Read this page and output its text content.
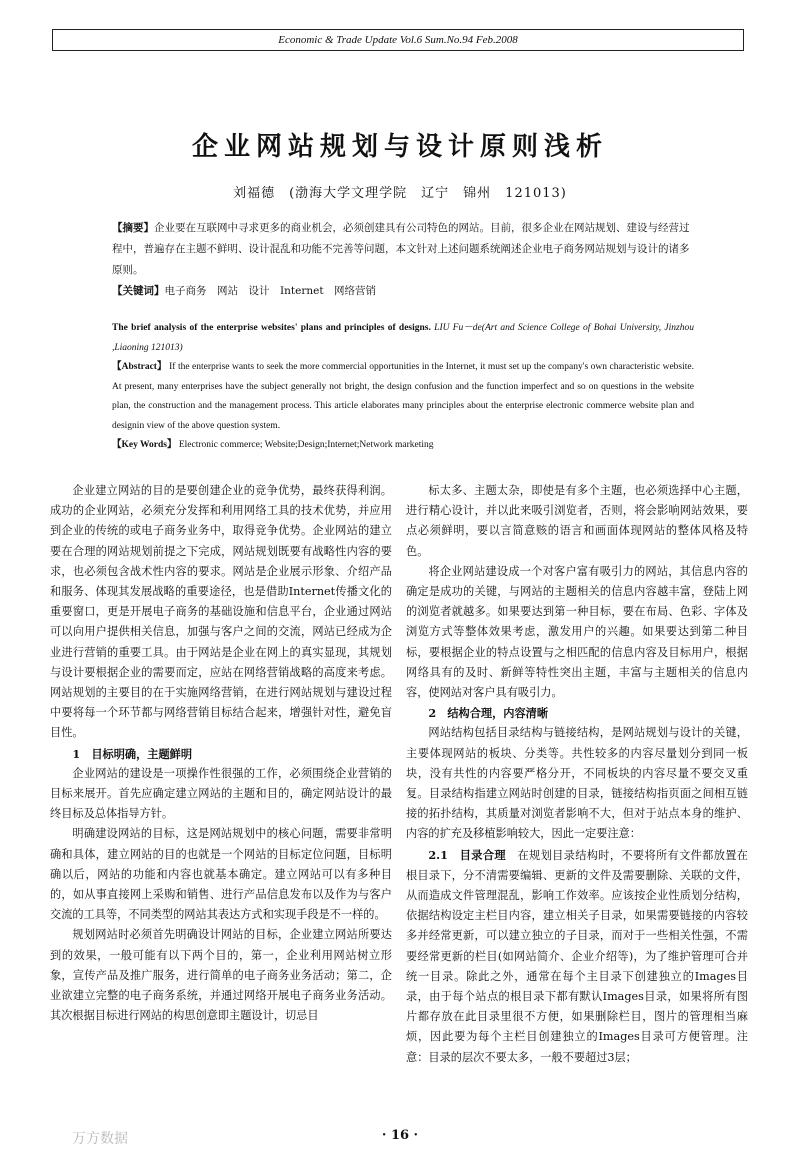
Economic & Trade Update Vol.6 Sum.No.94 Feb.2008
企业网站规划与设计原则浅析
刘福德　(渤海大学文理学院　辽宁　锦州　121013)
【摘要】企业要在互联网中寻求更多的商业机会，必须创建具有公司特色的网站。目前，很多企业在网站规划、建设与经营过程中，普遍存在主题不鲜明、设计混乱和功能不完善等问题，本文针对上述问题系统阐述企业电子商务网站规划与设计的诸多原则。
【关键词】电子商务　网站　设计　Internet　网络营销
The brief analysis of the enterprise websites' plans and principles of designs. LIU Fu－de(Art and Science College of Bohai University, Jinzhou ,Liaoning 121013)
【Abstract】 If the enterprise wants to seek the more commercial opportunities in the Internet, it must set up the company's own characteristic website. At present, many enterprises have the subject generally not bright, the design confusion and the function imperfect and so on questions in the website plan, the construction and the management process. This article elaborates many principles about the enterprise electronic commerce website plan and designin view of the above question system.
【Key Words】 Electronic commerce; Website;Design;Internet;Network marketing

企业建立网站的目的是要创建企业的竞争优势，最终获得利润。成功的企业网站，必须充分发挥和利用网络工具的技术优势，并应用到企业的传统的或电子商务业务中，取得竞争优势。企业网站的建立要在合理的网站规划前提之下完成，网站规划既要有战略性内容的要求，也必须包含战术性内容的要求。网站是企业展示形象、介绍产品和服务、体现其发展战略的重要途径，也是借助Internet传播文化的重要窗口，更是开展电子商务的基础设施和信息平台，企业通过网站可以向用户提供相关信息，加强与客户之间的交流，网站已经成为企业进行营销的重要工具。由于网站是企业在网上的真实显现，其规划与设计要根据企业的需要而定，应站在网络营销战略的高度来考虑。网站规划的主要目的在于实施网络营销，在进行网站规划与建设过程中要将每一个环节都与网络营销目标结合起来，增强针对性，避免盲目性。

1　目标明确，主题鲜明

企业网站的建设是一项操作性很强的工作，必须围绕企业营销的目标来展开。首先应确定建立网站的主题和目的，确定网站设计的最终目标及总体指导方针。

明确建设网站的目标，这是网站规划中的核心问题，需要非常明确和具体，建立网站的目的也就是一个网站的目标定位问题，目标明确以后，网站的功能和内容也就基本确定。建立网站可以有多种目的，如从事直接网上采购和销售、进行产品信息发布以及作为与客户交流的工具等，不同类型的网站其表达方式和实现手段是不一样的。

规划网站时必须首先明确设计网站的目标，企业建立网站所要达到的效果，一般可能有以下两个目的，第一，企业利用网站树立形象，宣传产品及推广服务，进行简单的电子商务业务活动；第二，企业欲建立完整的电子商务系统，并通过网络开展电子商务业务活动。其次根据目标进行网站的构思创意即主题设计，切忌目

标太多、主题太杂，即使是有多个主题，也必须选择中心主题，进行精心设计，并以此来吸引浏览者，否则，将会影响网站效果，要点必须鲜明，要以言简意赅的语言和画面体现网站的整体风格及特色。

将企业网站建设成一个对客户富有吸引力的网站，其信息内容的确定是成功的关键，与网站的主题相关的信息内容越丰富，登陆上网的浏览者就越多。如果要达到第一种目标，要在布局、色彩、字体及浏览方式等整体效果考虑，激发用户的兴趣。如果要达到第二种目标，要根据企业的特点设置与之相匹配的信息内容及目标用户，根据网络具有的及时、新鲜等特性突出主题，丰富与主题相关的信息内容，使网站对客户具有吸引力。

2　结构合理，内容清晰

网站结构包括目录结构与链接结构，是网站规划与设计的关键，主要体现网站的板块、分类等。共性较多的内容尽量划分到同一板块，没有共性的内容要严格分开，不同板块的内容尽量不要交叉重复。目录结构指建立网站时创建的目录，链接结构指页面之间相互链接的拓扑结构，其质量对浏览者影响不大，但对于站点本身的维护、内容的扩充及移植影响较大，因此一定要注意：

2.1　目录合理　 在规划目录结构时，不要将所有文件都放置在根目录下，分不清需要编辑、更新的文件及需要删除、关联的文件，从而造成文件管理混乱，影响工作效率。应该按企业性质划分结构，依据结构设定主栏目内容，建立相关子目录，如果需要链接的内容较多并经常更新，可以建立独立的子目录，而对于一些相关性强，不需要经常更新的栏目(如网站简介、企业介绍等)，为了维护管理可合并统一目录。除此之外，通常在每个主目录下创建独立的Images目录，由于每个站点的根目录下都有默认Images目录，如果将所有图片都存放在此目录里很不方便，如果删除栏目，图片的管理相当麻烦，因此要为每个主栏目创建独立的Images目录可方便管理。注意：目录的层次不要太多，一般不要超过3层；

万方数据	· 16 ·
